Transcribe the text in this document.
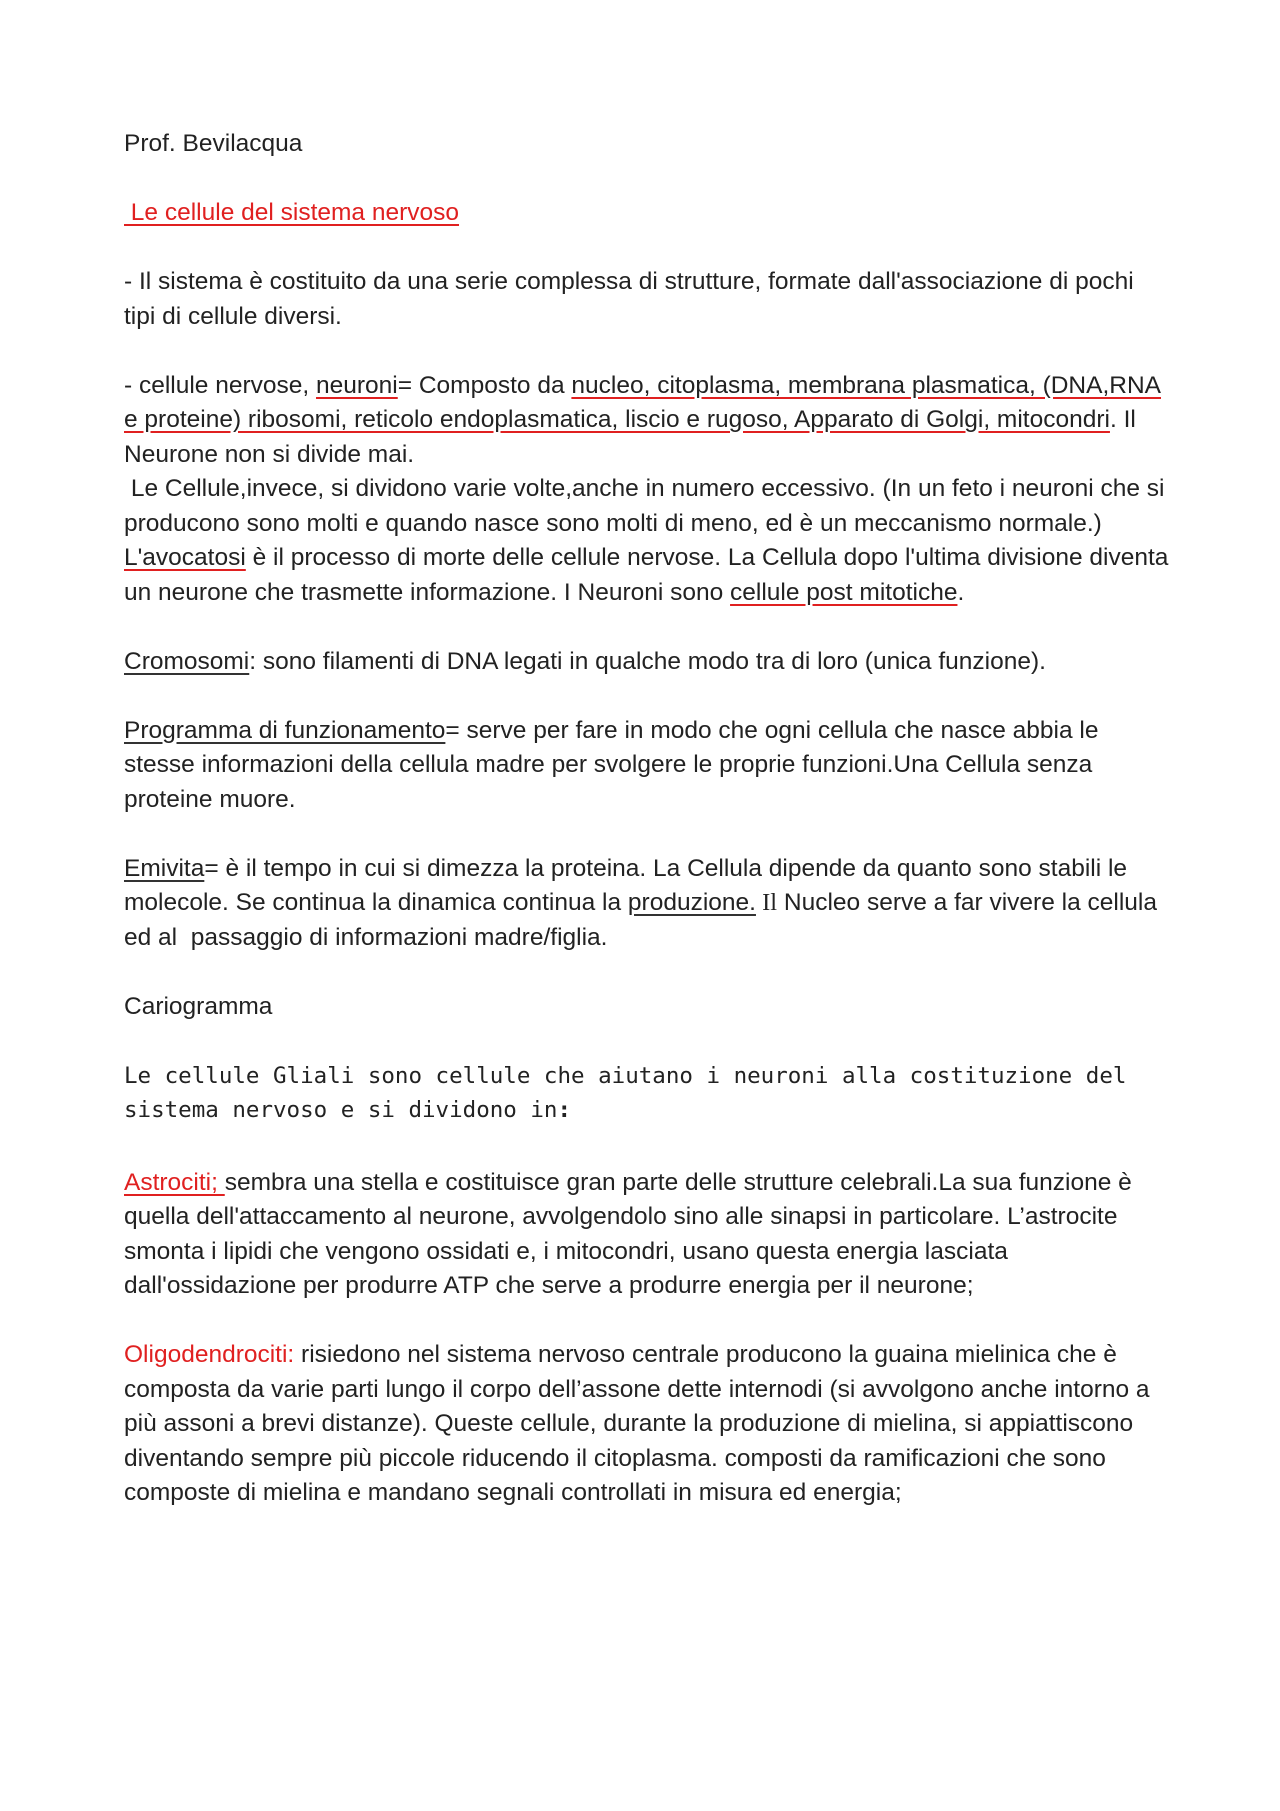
Prof. Bevilacqua

Le cellule del sistema nervoso

- Il sistema è costituito da una serie complessa di strutture, formate dall'associazione di pochi tipi di cellule diversi.

- cellule nervose, neuroni= Composto da nucleo, citoplasma, membrana plasmatica, (DNA,RNA e proteine) ribosomi, reticolo endoplasmatica, liscio e rugoso, Apparato di Golgi, mitocondri. Il Neurone non si divide mai.

Le Cellule,invece, si dividono varie volte,anche in numero eccessivo. (In un feto i neuroni che si producono sono molti e quando nasce sono molti di meno, ed è un meccanismo normale.) L'avocatosi è il processo di morte delle cellule nervose. La Cellula dopo l'ultima divisione diventa un neurone che trasmette informazione. I Neuroni sono cellule post mitotiche.

Cromosomi: sono filamenti di DNA legati in qualche modo tra di loro (unica funzione).

Programma di funzionamento= serve per fare in modo che ogni cellula che nasce abbia le stesse informazioni della cellula madre per svolgere le proprie funzioni.Una Cellula senza proteine muore.

Emivita= è il tempo in cui si dimezza la proteina. La Cellula dipende da quanto sono stabili le molecole. Se continua la dinamica continua la produzione. Il Nucleo serve a far vivere la cellula ed al  passaggio di informazioni madre/figlia.

Cariogramma

Le cellule Gliali sono cellule che aiutano i neuroni alla costituzione del sistema nervoso e si dividono in:

Astrociti; sembra una stella e costituisce gran parte delle strutture celebrali.La sua funzione è quella dell'attaccamento al neurone, avvolgendolo sino alle sinapsi in particolare. L’astrocite smonta i lipidi che vengono ossidati e, i mitocondri, usano questa energia lasciata dall'ossidazione per produrre ATP che serve a produrre energia per il neurone;

Oligodendrociti: risiedono nel sistema nervoso centrale producono la guaina mielinica che è composta da varie parti lungo il corpo dell’assone dette internodi (si avvolgono anche intorno a più assoni a brevi distanze). Queste cellule, durante la produzione di mielina, si appiattiscono diventando sempre più piccole riducendo il citoplasma. composti da ramificazioni che sono composte di mielina e mandano segnali controllati in misura ed energia;
